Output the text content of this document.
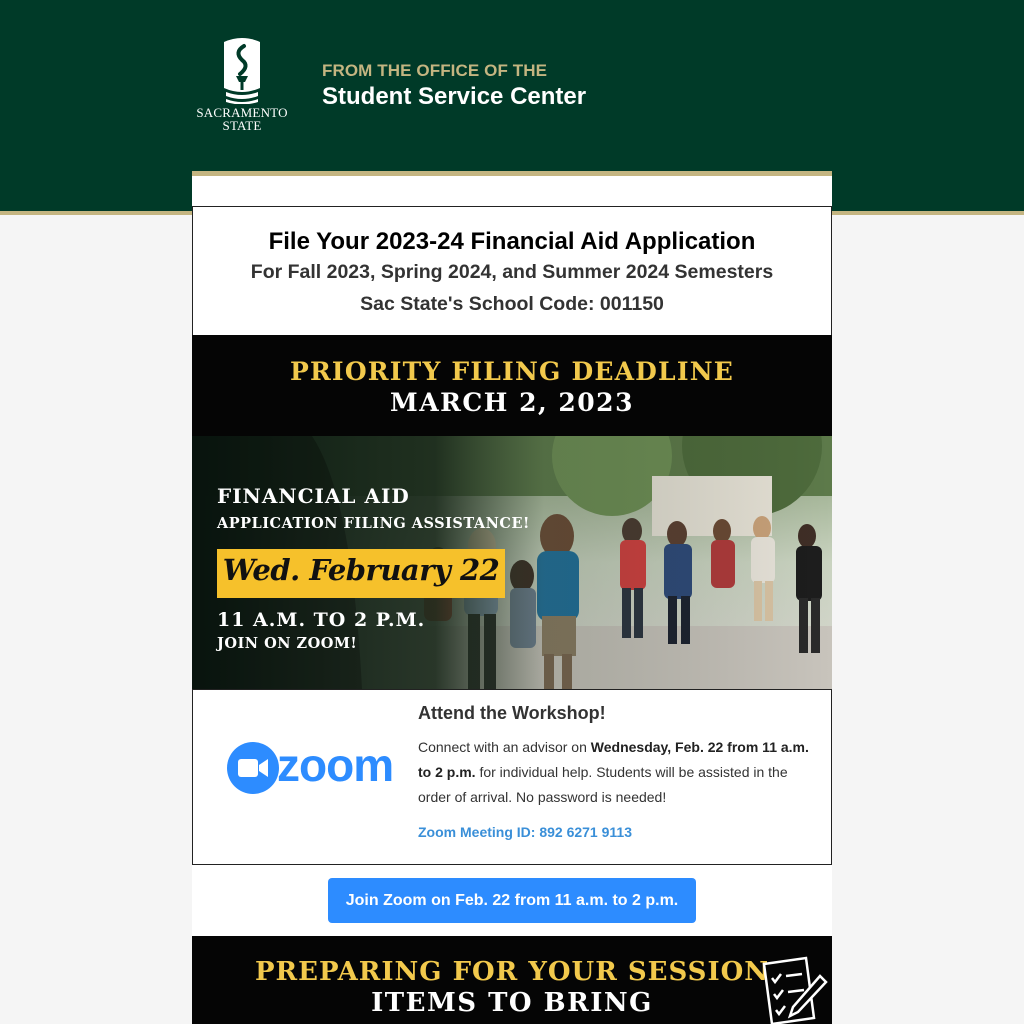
SACRAMENTO
STATE
FROM THE OFFICE OF THE
Student Service Center
File Your 2023-24 Financial Aid Application
For Fall 2023, Spring 2024, and Summer 2024 Semesters
Sac State's School Code: 001150
PRIORITY FILING DEADLINE
MARCH 2, 2023
FINANCIAL AID
APPLICATION FILING ASSISTANCE!
Wed. February 22
11 A.M. TO 2 P.M.
JOIN ON ZOOM!
zoom
Attend the Workshop!
Connect with an advisor on Wednesday, Feb. 22 from 11 a.m. to 2 p.m. for individual help. Students will be assisted in the order of arrival. No password is needed!
Zoom Meeting ID: 892 6271 9113
Join Zoom on Feb. 22 from 11 a.m. to 2 p.m.
PREPARING FOR YOUR SESSION
ITEMS TO BRING
